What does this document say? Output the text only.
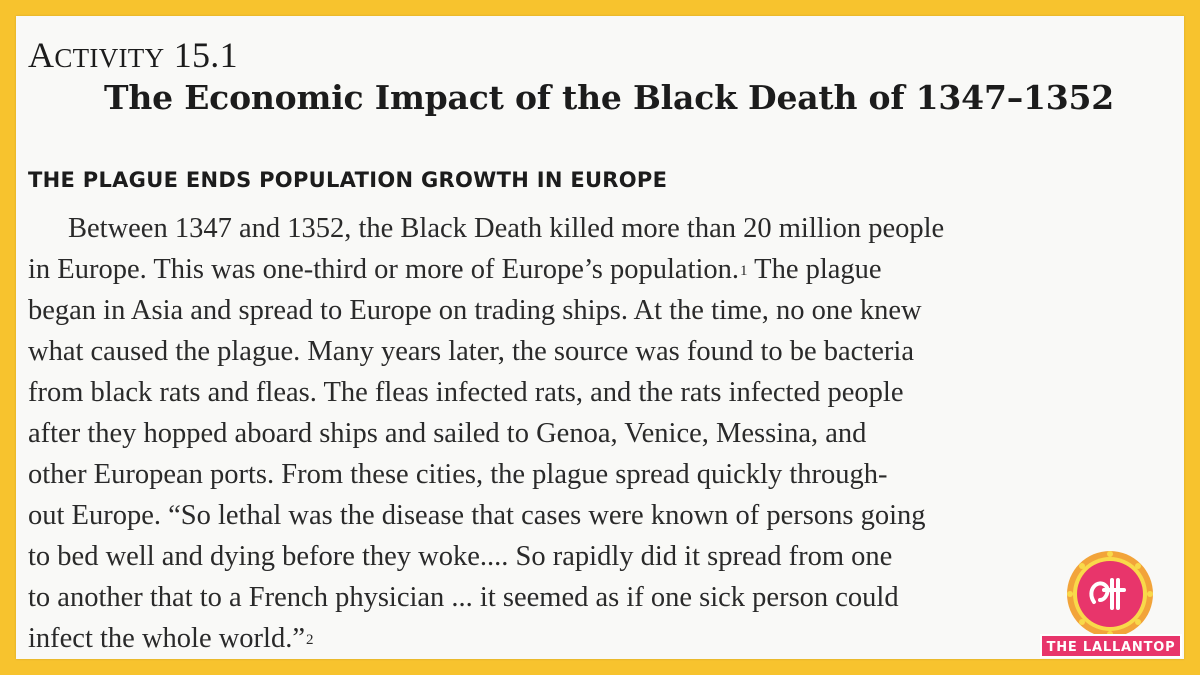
ACTIVITY 15.1
The Economic Impact of the Black Death of 1347–1352
THE PLAGUE ENDS POPULATION GROWTH IN EUROPE
Between 1347 and 1352, the Black Death killed more than 20 million people
in Europe. This was one-third or more of Europe’s population.$^1$ The plague
began in Asia and spread to Europe on trading ships. At the time, no one knew
what caused the plague. Many years later, the source was found to be bacteria
from black rats and fleas. The fleas infected rats, and the rats infected people
after they hopped aboard ships and sailed to Genoa, Venice, Messina, and
other European ports. From these cities, the plague spread quickly through-
out Europe. “So lethal was the disease that cases were known of persons going
to bed well and dying before they woke.... So rapidly did it spread from one
to another that to a French physician ... it seemed as if one sick person could
infect the whole world.”$^2$	THE LALLANTOP
